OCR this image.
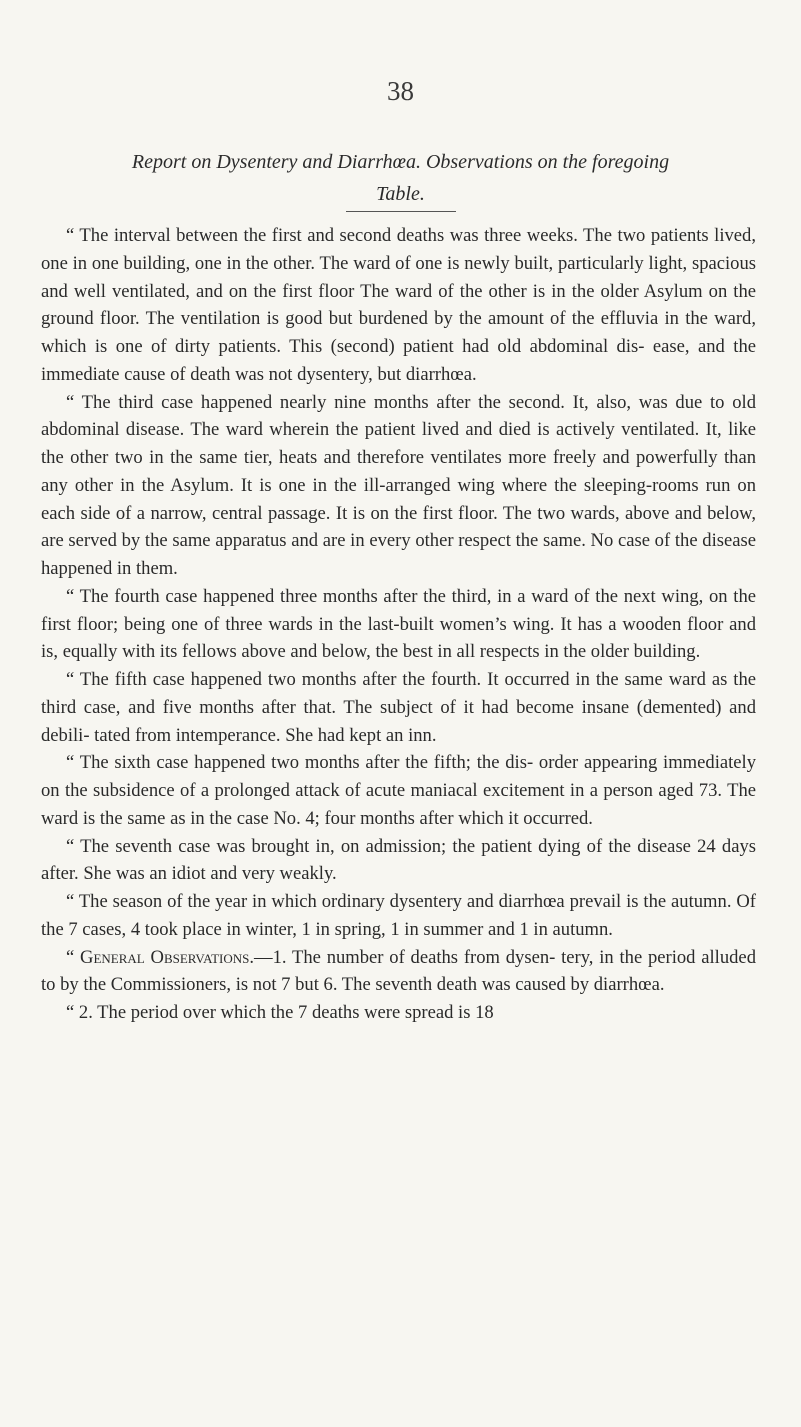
38
Report on Dysentery and Diarrhœa. Observations on the foregoing
Table.

“ The interval between the first and second deaths was three weeks. The two patients lived, one in one building, one in the other. The ward of one is newly built, particularly light, spacious and well ventilated, and on the first floor The ward of the other is in the older Asylum on the ground floor. The ventilation is good but burdened by the amount of the effluvia in the ward, which is one of dirty patients. This (second) patient had old abdominal dis- ease, and the immediate cause of death was not dysentery, but diarrhœa.

“ The third case happened nearly nine months after the second. It, also, was due to old abdominal disease. The ward wherein the patient lived and died is actively ventilated. It, like the other two in the same tier, heats and therefore ventilates more freely and powerfully than any other in the Asylum. It is one in the ill-arranged wing where the sleeping-rooms run on each side of a narrow, central passage. It is on the first floor. The two wards, above and below, are served by the same apparatus and are in every other respect the same. No case of the disease happened in them.

“ The fourth case happened three months after the third, in a ward of the next wing, on the first floor; being one of three wards in the last-built women’s wing. It has a wooden floor and is, equally with its fellows above and below, the best in all respects in the older building.

“ The fifth case happened two months after the fourth. It occurred in the same ward as the third case, and five months after that. The subject of it had become insane (demented) and debili- tated from intemperance. She had kept an inn.

“ The sixth case happened two months after the fifth; the dis- order appearing immediately on the subsidence of a prolonged attack of acute maniacal excitement in a person aged 73. The ward is the same as in the case No. 4; four months after which it occurred.

“ The seventh case was brought in, on admission; the patient dying of the disease 24 days after. She was an idiot and very weakly.

“ The season of the year in which ordinary dysentery and diarrhœa prevail is the autumn. Of the 7 cases, 4 took place in winter, 1 in spring, 1 in summer and 1 in autumn.

“ General Observations.—1. The number of deaths from dysen- tery, in the period alluded to by the Commissioners, is not 7 but 6. The seventh death was caused by diarrhœa.

“ 2. The period over which the 7 deaths were spread is 18
